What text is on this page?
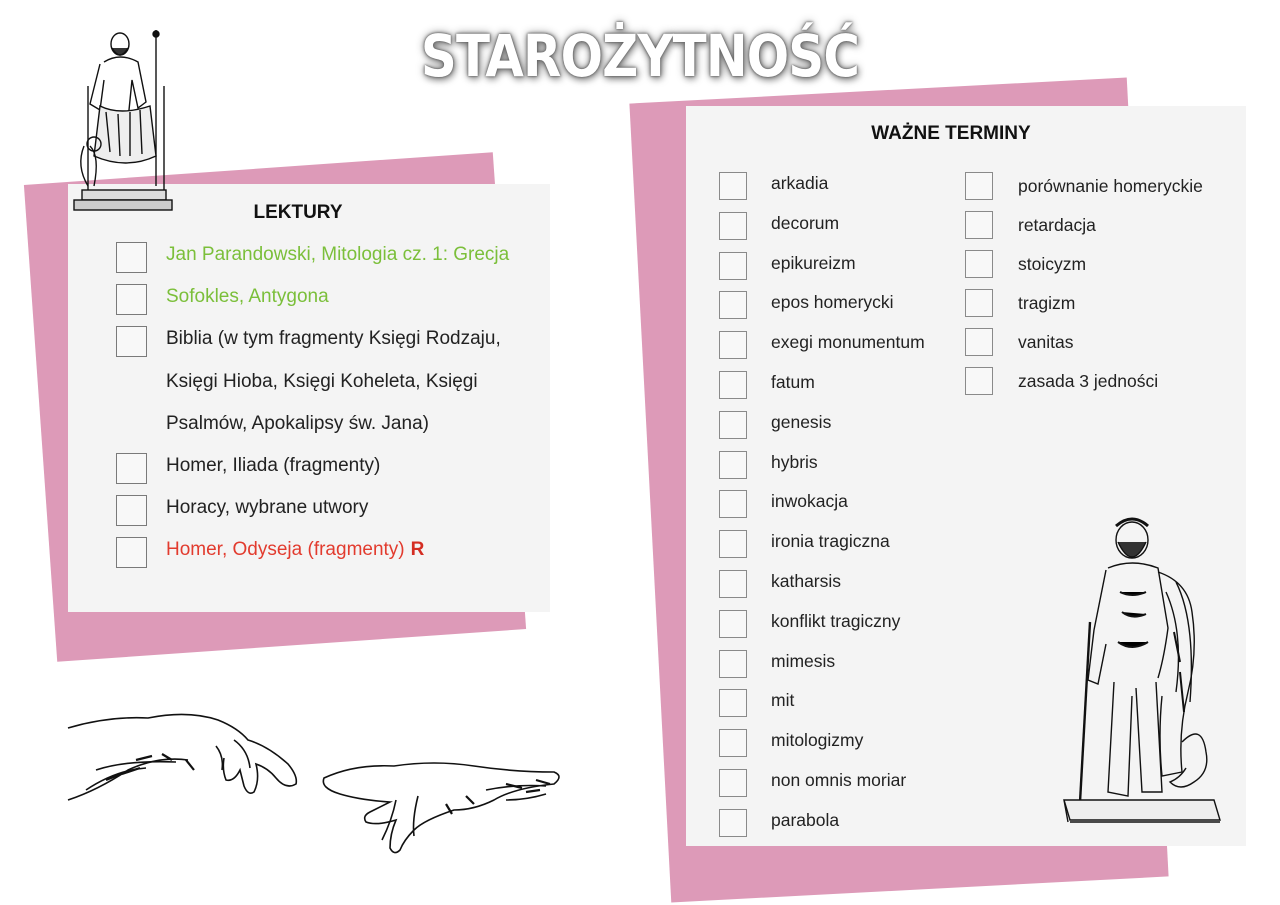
STAROŻYTNOŚĆ
LEKTURY
Jan Parandowski, Mitologia cz. 1: Grecja
Sofokles, Antygona
Biblia (w tym fragmenty Księgi Rodzaju,
Księgi Hioba, Księgi Koheleta, Księgi
Psalmów, Apokalipsy św. Jana)
Homer, Iliada (fragmenty)
Horacy, wybrane utwory
Homer, Odyseja (fragmenty) R
WAŻNE TERMINY
arkadia
decorum
epikureizm
epos homerycki
exegi monumentum
fatum
genesis
hybris
inwokacja
ironia tragiczna
katharsis
konflikt tragiczny
mimesis
mit
mitologizmy
non omnis moriar
parabola
porównanie homeryckie
retardacja
stoicyzm
tragizm
vanitas
zasada 3 jedności
